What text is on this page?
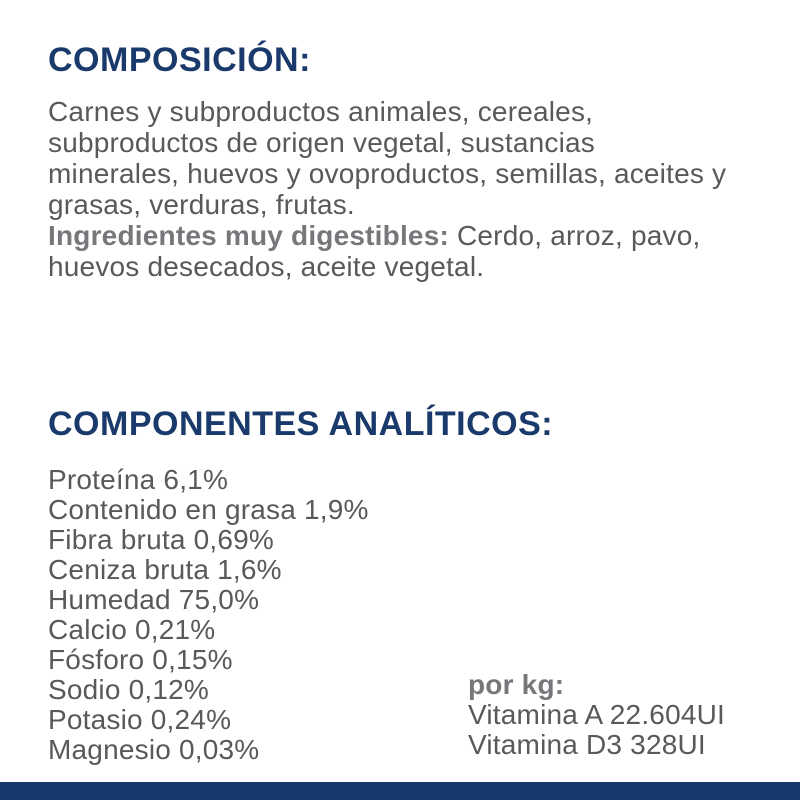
COMPOSICIÓN:

Carnes y subproductos animales, cereales, subproductos de origen vegetal, sustancias minerales, huevos y ovoproductos, semillas, aceites y grasas, verduras, frutas.

Ingredientes muy digestibles: Cerdo, arroz, pavo, huevos desecados, aceite vegetal.

COMPONENTES ANALÍTICOS:
Proteína 6,1%
Contenido en grasa 1,9%
Fibra bruta 0,69%
Ceniza bruta 1,6%
Humedad 75,0%
Calcio 0,21%
Fósforo 0,15%
Sodio 0,12%
Potasio 0,24%
Magnesio 0,03%
por kg:
Vitamina A 22.604UI
Vitamina D3 328UI
